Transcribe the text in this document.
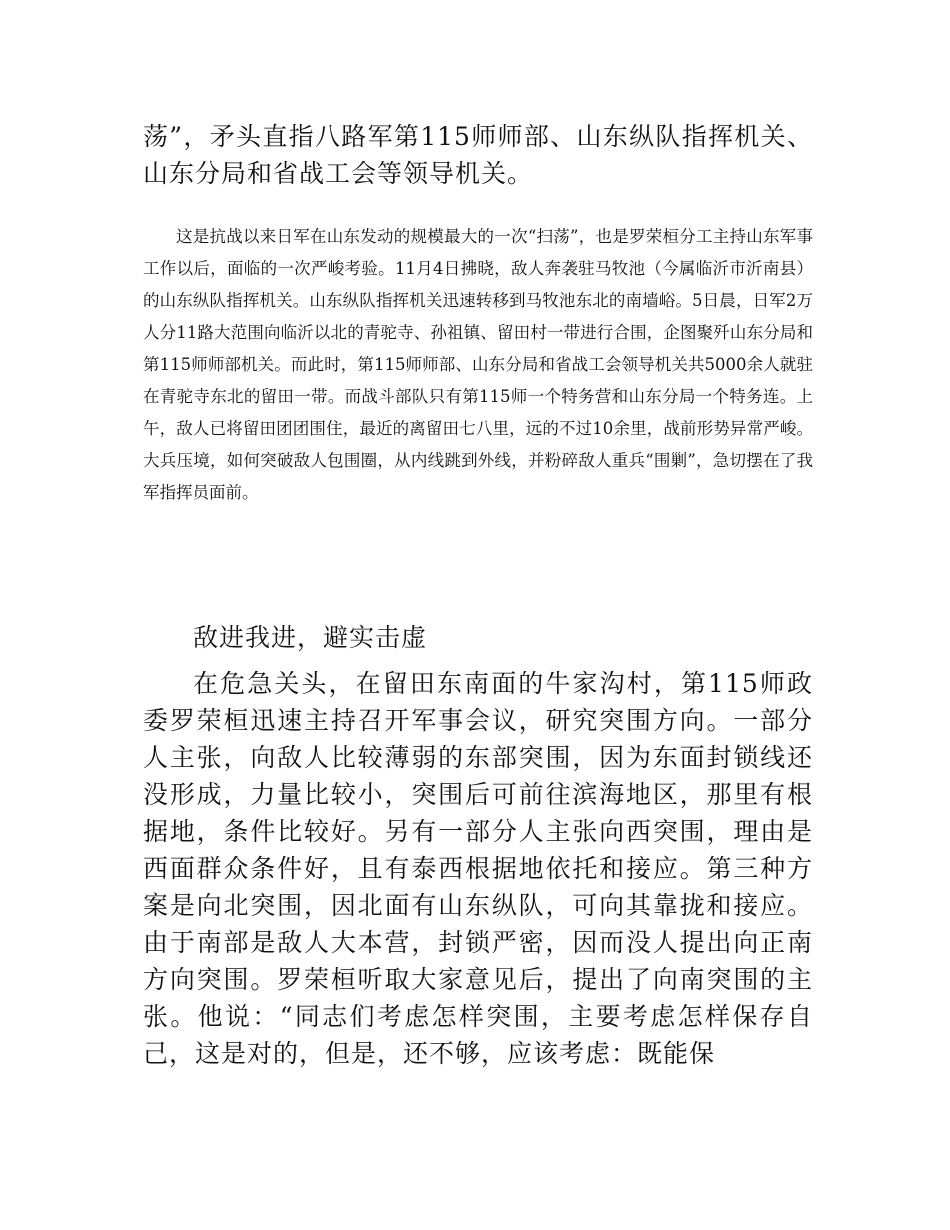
荡”，矛头直指八路军第115师师部、山东纵队指挥机关、山东分局和省战工会等领导机关。

这是抗战以来日军在山东发动的规模最大的一次“扫荡”，也是罗荣桓分工主持山东军事工作以后，面临的一次严峻考验。11月4日拂晓，敌人奔袭驻马牧池（今属临沂市沂南县）的山东纵队指挥机关。山东纵队指挥机关迅速转移到马牧池东北的南墙峪。5日晨，日军2万人分11路大范围向临沂以北的青驼寺、孙祖镇、留田村一带进行合围，企图聚歼山东分局和第115师师部机关。而此时，第115师师部、山东分局和省战工会领导机关共5000余人就驻在青驼寺东北的留田一带。而战斗部队只有第115师一个特务营和山东分局一个特务连。上午，敌人已将留田团团围住，最近的离留田七八里，远的不过10余里，战前形势异常严峻。大兵压境，如何突破敌人包围圈，从内线跳到外线，并粉碎敌人重兵“围剿”，急切摆在了我军指挥员面前。

敌进我进，避实击虚

在危急关头，在留田东南面的牛家沟村，第115师政委罗荣桓迅速主持召开军事会议，研究突围方向。一部分人主张，向敌人比较薄弱的东部突围，因为东面封锁线还没形成，力量比较小，突围后可前往滨海地区，那里有根据地，条件比较好。另有一部分人主张向西突围，理由是西面群众条件好，且有泰西根据地依托和接应。第三种方案是向北突围，因北面有山东纵队，可向其靠拢和接应。由于南部是敌人大本营，封锁严密，因而没人提出向正南方向突围。罗荣桓听取大家意见后，提出了向南突围的主张。他说：“同志们考虑怎样突围，主要考虑怎样保存自己，这是对的，但是，还不够，应该考虑：既能保
